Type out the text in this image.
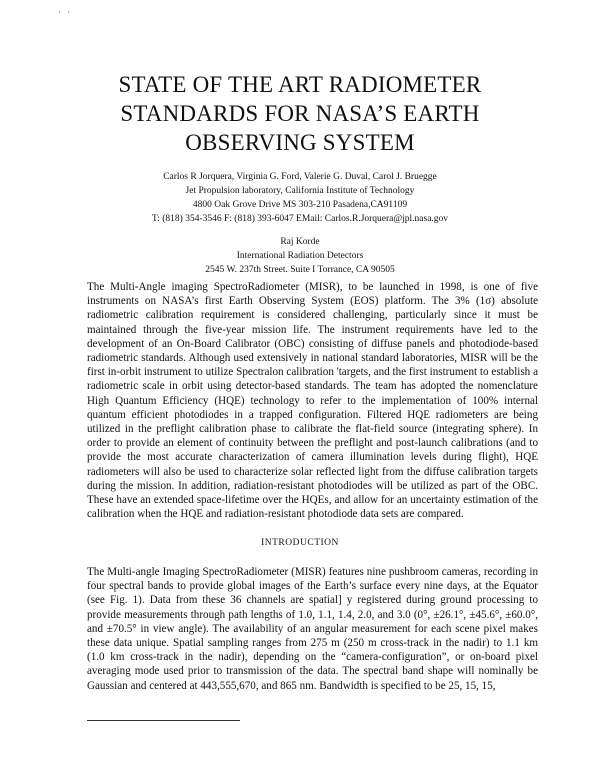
· ·
STATE OF THE ART RADIOMETER
STANDARDS FOR NASA’S EARTH
OBSERVING SYSTEM
Carlos R Jorquera, Virginia G. Ford, Valerie G. Duval, Carol J. Bruegge
Jet Propulsion laboratory, California Institute of Technology
4800 Oak Grove Drive MS 303-210 Pasadena,CA91109
T: (818) 354-3546 F: (818) 393-6047 EMail: Carlos.R.Jorquera@jpl.nasa.gov
Raj Korde
International Radiation Detectors
2545 W. 237th Street. Suite I Torrance, CA 90505

The Multi-Angle imaging SpectroRadiometer (MISR), to be launched in 1998, is one of five instruments on NASA’s first Earth Observing System (EOS) platform. The 3% (1σ) absolute radiometric calibration requirement is considered challenging, particularly since it must be maintained through the five-year mission life. The instrument requirements have led to the development of an On-Board Calibrator (OBC) consisting of diffuse panels and photodiode-based radiometric standards. Although used extensively in national standard laboratories, MISR will be the first in-orbit instrument to utilize Spectralon calibration 'targets, and the first instrument to establish a radiometric scale in orbit using detector-based standards. The team has adopted the nomenclature High Quantum Efficiency (HQE) technology to refer to the implementation of 100% internal quantum efficient photodiodes in a trapped configuration. Filtered HQE radiometers are being utilized in the preflight calibration phase to calibrate the flat-field source (integrating sphere). In order to provide an element of continuity between the preflight and post-launch calibrations (and to provide the most accurate characterization of camera illumination levels during flight), HQE radiometers will also be used to characterize solar reflected light from the diffuse calibration targets during the mission. In addition, radiation-resistant photodiodes will be utilized as part of the OBC. These have an extended space-lifetime over the HQEs, and allow for an uncertainty estimation of the calibration when the HQE and radiation-resistant photodiode data sets are compared.

INTRODUCTION

The Multi-angle Imaging SpectroRadiometer (MISR) features nine pushbroom cameras, recording in four spectral bands to provide global images of the Earth’s surface every nine days, at the Equator (see Fig. 1). Data from these 36 channels are spatial] y registered during ground processing to provide measurements through path lengths of 1.0, 1.1, 1.4, 2.0, and 3.0 (0°, ±26.1°, ±45.6°, ±60.0°, and ±70.5° in view angle). The availability of an angular measurement for each scene pixel makes these data unique. Spatial sampling ranges from 275 m (250 m cross-track in the nadir) to 1.1 km (1.0 km cross-track in the nadir), depending on the “camera-configuration”, or on-board pixel averaging mode used prior to transmission of the data. The spectral band shape will nominally be Gaussian and centered at 443,555,670, and 865 nm. Bandwidth is specified to be 25, 15, 15,
